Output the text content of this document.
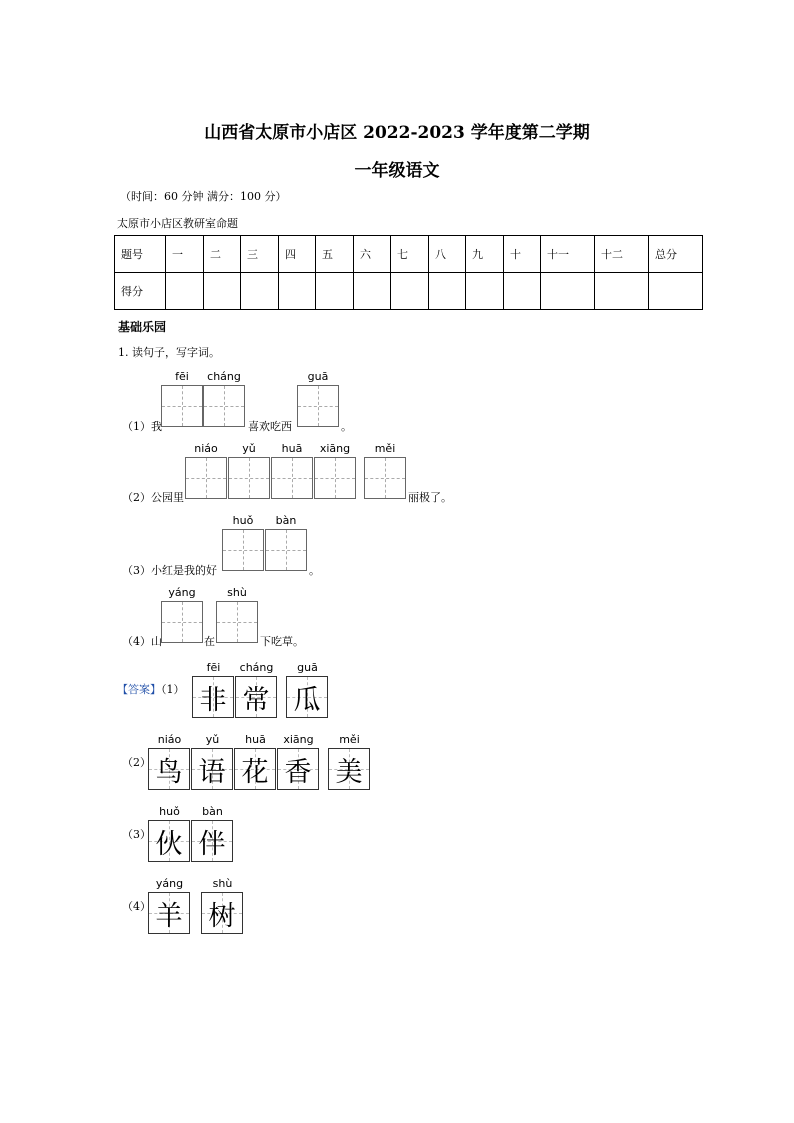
山西省太原市小店区 2022-2023 学年度第二学期
一年级语文
（时间：60 分钟 满分：100 分）
太原市小店区教研室命题
题号	一	二	三	四	五	六	七	八	九	十	十一	十二	总分
得分													
基础乐园
1. 读句子，写字词。
（1）我
fēi	cháng
喜欢吃西
guā
。
（2）公园里
niáo	yǔ	huā	xiāng	měi
丽极了。
（3）小红是我的好
huǒ	bàn
。
（4）山
yáng
在
shù
下吃草。
【答案】（1）
fēi	cháng
非 常
guā
瓜
（2）
niáo	yǔ	huā	xiāng
鸟 语 花 香
měi
美
（3）
huǒ	bàn
伙 伴
（4）
yáng
羊
shù
树
